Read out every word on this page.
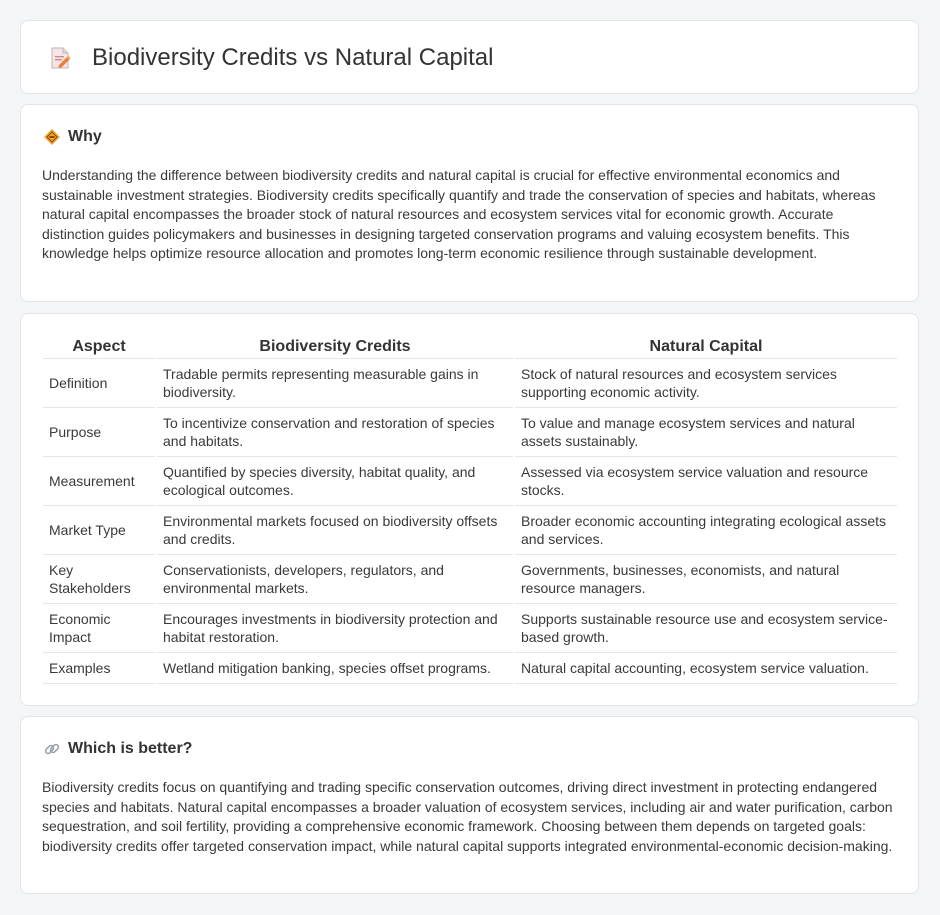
Biodiversity Credits vs Natural Capital
Why

Understanding the difference between biodiversity credits and natural capital is crucial for effective environmental economics and sustainable investment strategies. Biodiversity credits specifically quantify and trade the conservation of species and habitats, whereas natural capital encompasses the broader stock of natural resources and ecosystem services vital for economic growth. Accurate distinction guides policymakers and businesses in designing targeted conservation programs and valuing ecosystem benefits. This knowledge helps optimize resource allocation and promotes long-term economic resilience through sustainable development.

Aspect	Biodiversity Credits	Natural Capital
Definition	Tradable permits representing measurable gains in biodiversity.	Stock of natural resources and ecosystem services supporting economic activity.
Purpose	To incentivize conservation and restoration of species and habitats.	To value and manage ecosystem services and natural assets sustainably.
Measurement	Quantified by species diversity, habitat quality, and ecological outcomes.	Assessed via ecosystem service valuation and resource stocks.
Market Type	Environmental markets focused on biodiversity offsets and credits.	Broader economic accounting integrating ecological assets and services.
Key Stakeholders	Conservationists, developers, regulators, and environmental markets.	Governments, businesses, economists, and natural resource managers.
Economic Impact	Encourages investments in biodiversity protection and habitat restoration.	Supports sustainable resource use and ecosystem service-based growth.
Examples	Wetland mitigation banking, species offset programs.	Natural capital accounting, ecosystem service valuation.
Which is better?

Biodiversity credits focus on quantifying and trading specific conservation outcomes, driving direct investment in protecting endangered species and habitats. Natural capital encompasses a broader valuation of ecosystem services, including air and water purification, carbon sequestration, and soil fertility, providing a comprehensive economic framework. Choosing between them depends on targeted goals: biodiversity credits offer targeted conservation impact, while natural capital supports integrated environmental-economic decision-making.
